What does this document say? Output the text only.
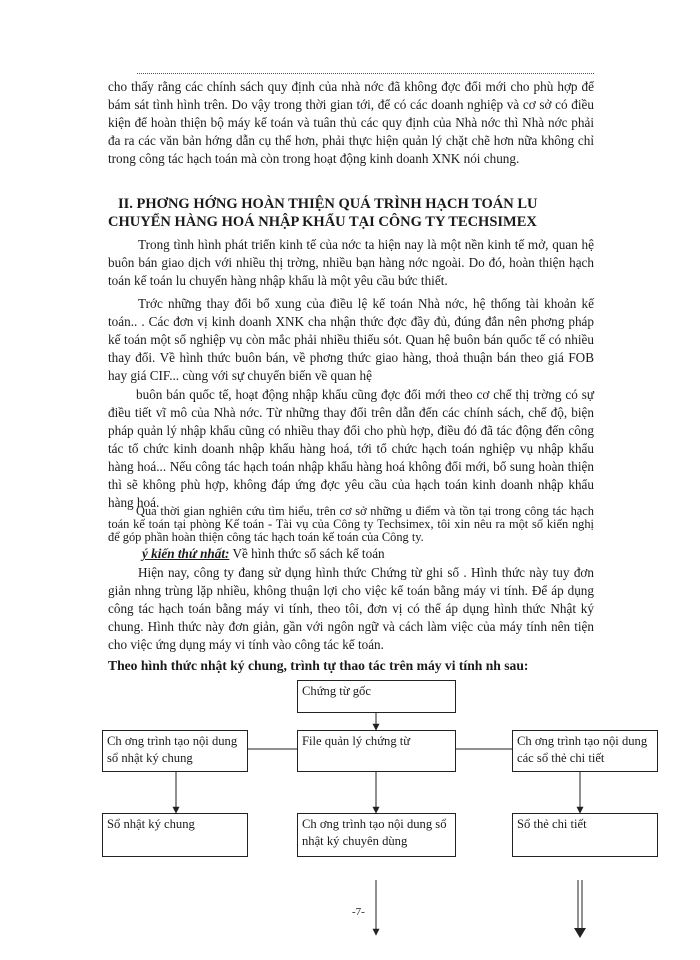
cho thấy rằng các chính sách quy định của nhà nớc đã không đợc đổi mới cho phù hợp để bám sát tình hình trên. Do vậy trong thời gian tới, để có các doanh nghiệp và cơ sở có điều kiện để hoàn thiện bộ máy kế toán và tuân thủ các quy định của Nhà nớc thì Nhà nớc phải đa ra các văn bản hớng dẫn cụ thể hơn, phải thực hiện quản lý chặt chẽ hơn nữa không chỉ trong công tác hạch toán mà còn trong hoạt động kinh doanh XNK nói chung.

II. PHƠNG HỚNG HOÀN THIỆN QUÁ TRÌNH HẠCH TOÁN LU CHUYỂN HÀNG HOÁ NHẬP KHẨU TẠI CÔNG TY TECHSIMEX

Trong tình hình phát triển kinh tế của nớc ta hiện nay là một nền kinh tế mở, quan hệ buôn bán giao dịch với nhiều thị trờng, nhiều bạn hàng nớc ngoài. Do đó, hoàn thiện hạch toán kế toán lu chuyển hàng nhập khẩu là một yêu cầu bức thiết.

Trớc những thay đổi bổ xung của điều lệ kế toán Nhà nớc, hệ thống tài khoản kế toán.. . Các đơn vị kinh doanh XNK cha nhận thức đợc đầy đủ, đúng đắn nên phơng pháp kế toán một số nghiệp vụ còn mắc phải nhiều thiếu sót. Quan hệ buôn bán quốc tế có nhiều thay đổi. Về hình thức buôn bán, về phơng thức giao hàng, thoả thuận bán theo giá FOB hay giá CIF... cùng với sự chuyển biến về quan hệ

buôn bán quốc tế, hoạt động nhập khẩu cũng đợc đổi mới theo cơ chế thị trờng có sự điều tiết vĩ mô của Nhà nớc. Từ những thay đổi trên dẫn đến các chính sách, chế độ, biện pháp quản lý nhập khẩu cũng có nhiều thay đổi cho phù hợp, điều đó đã tác động đến công tác tổ chức kinh doanh nhập khẩu hàng hoá, tới tổ chức hạch toán nghiệp vụ nhập khẩu hàng hoá... Nếu công tác hạch toán nhập khẩu hàng hoá không đổi mới, bổ sung hoàn thiện thì sẽ không phù hợp, không đáp ứng đợc yêu cầu của hạch toán kinh doanh nhập khẩu hàng hoá.

Qua thời gian nghiên cứu tìm hiểu, trên cơ sở những u điểm và tồn tại trong công tác hạch toán kế toán tại phòng Kế toán - Tài vụ của Công ty Techsimex, tôi xin nêu ra một số kiến nghị để góp phần hoàn thiện công tác hạch toán kế toán của Công ty.

ý kiến thứ nhất: Về hình thức sổ sách kế toán

Hiện nay, công ty đang sử dụng hình thức Chứng từ ghi sổ . Hình thức này tuy đơn giản nhng trùng lặp nhiều, không thuận lợi cho việc kế toán bằng máy vi tính. Để áp dụng công tác hạch toán bằng máy vi tính, theo tôi, đơn vị có thể áp dụng hình thức Nhật ký chung. Hình thức này đơn giản, gần với ngôn ngữ và cách làm việc của máy tính nên tiện cho việc ứng dụng máy vi tính vào công tác kế toán.

Theo hình thức nhật ký chung, trình tự thao tác trên máy vi tính nh sau:

Chứng từ gốc
Ch ơng trình tạo nội dung sổ nhật ký chung
File quản lý chứng từ	Ch ơng trình tạo nội dung các sổ thẻ chi tiết
Sổ nhật ký chung	Ch ơng trình tạo nội dung sổ nhật ký chuyên dùng
Sổ thẻ chi tiết
-7-
